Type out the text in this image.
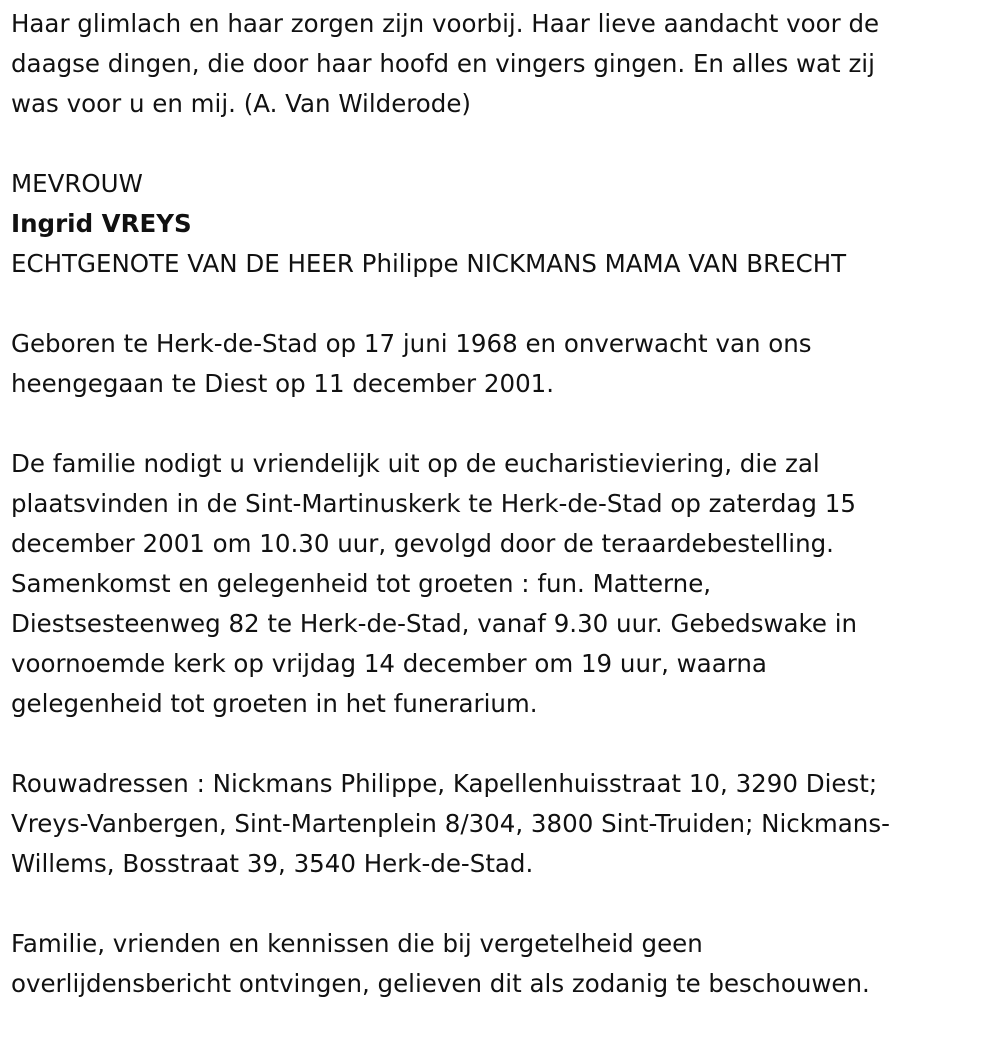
Haar glimlach en haar zorgen zijn voorbij. Haar lieve aandacht voor de
daagse dingen, die door haar hoofd en vingers gingen. En alles wat zij
was voor u en mij. (A. Van Wilderode)
MEVROUW
Ingrid VREYS
ECHTGENOTE VAN DE HEER Philippe NICKMANS MAMA VAN BRECHT
Geboren te Herk-de-Stad op 17 juni 1968 en onverwacht van ons
heengegaan te Diest op 11 december 2001.
De familie nodigt u vriendelijk uit op de eucharistieviering, die zal
plaatsvinden in de Sint-Martinuskerk te Herk-de-Stad op zaterdag 15
december 2001 om 10.30 uur, gevolgd door de teraardebestelling.
Samenkomst en gelegenheid tot groeten : fun. Matterne,
Diestsesteenweg 82 te Herk-de-Stad, vanaf 9.30 uur. Gebedswake in
voornoemde kerk op vrijdag 14 december om 19 uur, waarna
gelegenheid tot groeten in het funerarium.
Rouwadressen : Nickmans Philippe, Kapellenhuisstraat 10, 3290 Diest;
Vreys-Vanbergen, Sint-Martenplein 8/304, 3800 Sint-Truiden; Nickmans-
Willems, Bosstraat 39, 3540 Herk-de-Stad.
Familie, vrienden en kennissen die bij vergetelheid geen
overlijdensbericht ontvingen, gelieven dit als zodanig te beschouwen.
